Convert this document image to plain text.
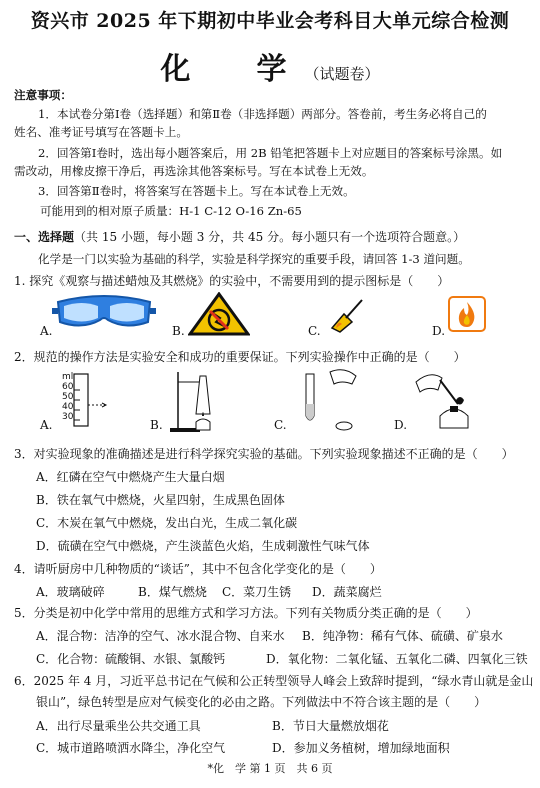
资兴市 2025 年下期初中毕业会考科目大单元综合检测
化　学（试题卷）
注意事项：
1．本试卷分第Ⅰ卷（选择题）和第Ⅱ卷（非选择题）两部分。答卷前，考生务必将自己的
姓名、准考证号填写在答题卡上。
2．回答第Ⅰ卷时，选出每小题答案后，用 2B 铅笔把答题卡上对应题目的答案标号涂黑。如
需改动，用橡皮擦干净后，再选涂其他答案标号。写在本试卷上无效。
3．回答第Ⅱ卷时，将答案写在答题卡上。写在本试卷上无效。
可能用到的相对原子质量：H-1 C-12 O-16 Zn-65
一、选择题（共 15 小题，每小题 3 分，共 45 分。每小题只有一个选项符合题意。）
化学是一门以实验为基础的科学，实验是科学探究的重要手段，请回答 1-3 道问题。
1. 探究《观察与描述蜡烛及其燃烧》的实验中，不需要用到的提示图标是（　　）
A.	B.	C.	D.
2．规范的操作方法是实验安全和成功的重要保证。下列实验操作中正确的是（　　）
A.
ml
60
50
40
30
B.	C.	D.
3．对实验现象的准确描述是进行科学探究实验的基础。下列实验现象描述不正确的是（　　）
A．红磷在空气中燃烧产生大量白烟
B．铁在氧气中燃烧，火星四射，生成黑色固体
C．木炭在氧气中燃烧，发出白光，生成二氧化碳
D．硫磺在空气中燃烧，产生淡蓝色火焰，生成刺激性气味气体
4．请听厨房中几种物质的“谈话”，其中不包含化学变化的是（　　）
A．玻璃破碎	B．煤气燃烧 C．菜刀生锈 D．蔬菜腐烂
5．分类是初中化学中常用的思维方式和学习方法。下列有关物质分类正确的是（　　）
A．混合物：洁净的空气、冰水混合物、自来水 B．纯净物：稀有气体、硫磺、矿泉水
C．化合物：硫酸铜、水银、氯酸钙	D．氧化物：二氧化锰、五氧化二磷、四氧化三铁
6．2025 年 4 月，习近平总书记在气候和公正转型领导人峰会上致辞时提到，“绿水青山就是金山
银山”，绿色转型是应对气候变化的必由之路。下列做法中不符合该主题的是（　　）
A．出行尽量乘坐公共交通工具	B．节日大量燃放烟花
C．城市道路喷洒水降尘，净化空气	D．参加义务植树，增加绿地面积
*化　学 第 1 页　共 6 页
